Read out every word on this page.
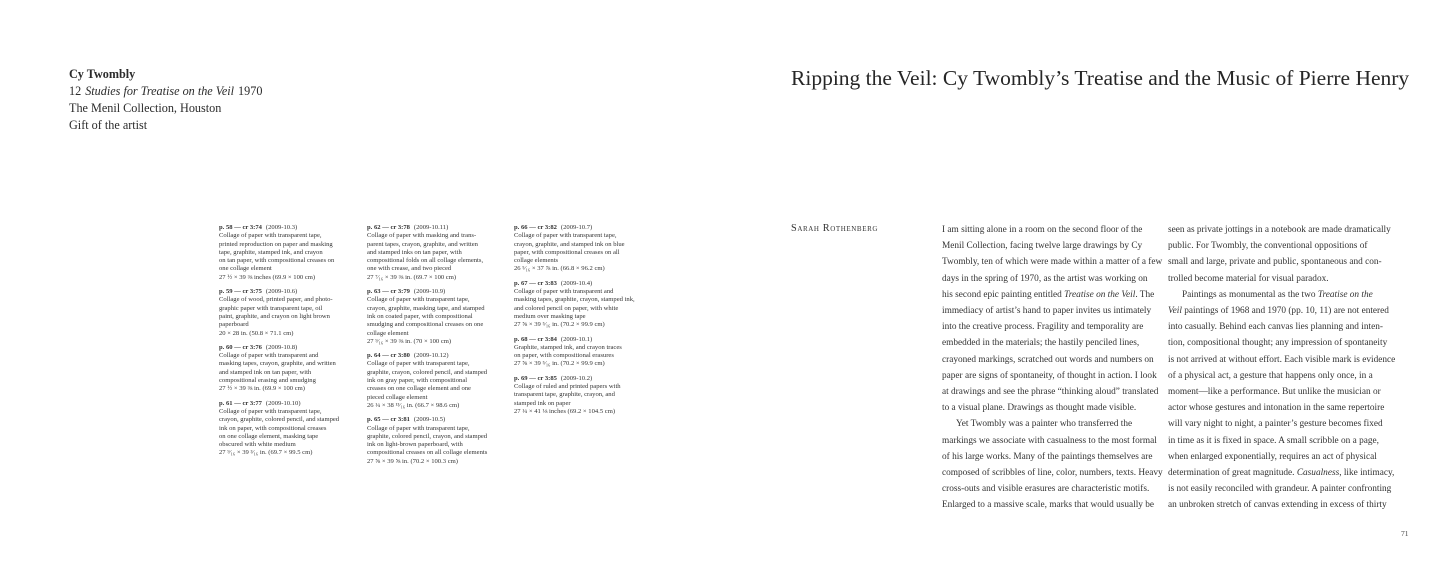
Cy Twombly
12 Studies for Treatise on the Veil 1970
The Menil Collection, Houston
Gift of the artist
p. 58 — cr 3:74 (2009-10.3)
Collage of paper with transparent tape,
printed reproduction on paper and masking
tape, graphite, stamped ink, and crayon
on tan paper, with compositional creases on
one collage element
27 ½ × 39 ⅜ inches (69.9 × 100 cm)
p. 59 — cr 3:75 (2009-10.6)
Collage of wood, printed paper, and photo-
graphic paper with transparent tape, oil
paint, graphite, and crayon on light brown
paperboard
20 × 28 in. (50.8 × 71.1 cm)
p. 60 — cr 3:76 (2009-10.8)
Collage of paper with transparent and
masking tapes, crayon, graphite, and written
and stamped ink on tan paper, with
compositional erasing and smudging
27 ½ × 39 ⅜ in. (69.9 × 100 cm)
p. 61 — cr 3:77 (2009-10.10)
Collage of paper with transparent tape,
crayon, graphite, colored pencil, and stamped
ink on paper, with compositional creases
on one collage element, masking tape
obscured with white medium
27 ⁹⁄₁₆ × 39 ³⁄₁₆ in. (69.7 × 99.5 cm)
p. 62 — cr 3:78 (2009-10.11)
Collage of paper with masking and trans-
parent tapes, crayon, graphite, and written
and stamped inks on tan paper, with
compositional folds on all collage elements,
one with crease, and two pieced
27 ⁷⁄₁₆ × 39 ⅜ in. (69.7 × 100 cm)
p. 63 — cr 3:79 (2009-10.9)
Collage of paper with transparent tape,
crayon, graphite, masking tape, and stamped
ink on coated paper, with compositional
smudging and compositional creases on one
collage element
27 ⁹⁄₁₆ × 39 ⅜ in. (70 × 100 cm)
p. 64 — cr 3:80 (2009-10.12)
Collage of paper with transparent tape,
graphite, crayon, colored pencil, and stamped
ink on gray paper, with compositional
creases on one collage element and one
pieced collage element
26 ¼ × 38 ¹³⁄₁₆ in. (66.7 × 98.6 cm)
p. 65 — cr 3:81 (2009-10.5)
Collage of paper with transparent tape,
graphite, colored pencil, crayon, and stamped
ink on light-brown paperboard, with
compositional creases on all collage elements
27 ⅝ × 39 ⅝ in. (70.2 × 100.3 cm)
p. 66 — cr 3:82 (2009-10.7)
Collage of paper with transparent tape,
crayon, graphite, and stamped ink on blue
paper, with compositional creases on all
collage elements
26 ⁵⁄₁₆ × 37 ⅞ in. (66.8 × 96.2 cm)
p. 67 — cr 3:83 (2009-10.4)
Collage of paper with transparent and
masking tapes, graphite, crayon, stamped ink,
and colored pencil on paper, with white
medium over masking tape
27 ⅝ × 39 ⁵⁄₁₆ in. (70.2 × 99.9 cm)
p. 68 — cr 3:84 (2009-10.1)
Graphite, stamped ink, and crayon traces
on paper, with compositional erasures
27 ⅝ × 39 ⁵⁄₁₆ in. (70.2 × 99.9 cm)
p. 69 — cr 3:85 (2009-10.2)
Collage of ruled and printed papers with
transparent tape, graphite, crayon, and
stamped ink on paper
27 ¼ × 41 ⅛ inches (69.2 × 104.5 cm)
Ripping the Veil: Cy Twombly’s Treatise and the Music of Pierre Henry
Sarah Rothenberg	I am sitting alone in a room on the second floor of the
Menil Collection, facing twelve large drawings by Cy
Twombly, ten of which were made within a matter of a few
days in the spring of 1970, as the artist was working on
his second epic painting entitled Treatise on the Veil. The
immediacy of artist’s hand to paper invites us intimately
into the creative process. Fragility and temporality are
embedded in the materials; the hastily penciled lines,
crayoned markings, scratched out words and numbers on
paper are signs of spontaneity, of thought in action. I look
at drawings and see the phrase “thinking aloud” translated
to a visual plane. Drawings as thought made visible.
Yet Twombly was a painter who transferred the
markings we associate with casualness to the most formal
of his large works. Many of the paintings themselves are
composed of scribbles of line, color, numbers, texts. Heavy
cross-outs and visible erasures are characteristic motifs.
Enlarged to a massive scale, marks that would usually be
seen as private jottings in a notebook are made dramatically
public. For Twombly, the conventional oppositions of
small and large, private and public, spontaneous and con-
trolled become material for visual paradox.
Paintings as monumental as the two Treatise on the
Veil paintings of 1968 and 1970 (pp. 10, 11) are not entered
into casually. Behind each canvas lies planning and inten-
tion, compositional thought; any impression of spontaneity
is not arrived at without effort. Each visible mark is evidence
of a physical act, a gesture that happens only once, in a
moment—like a performance. But unlike the musician or
actor whose gestures and intonation in the same repertoire
will vary night to night, a painter’s gesture becomes fixed
in time as it is fixed in space. A small scribble on a page,
when enlarged exponentially, requires an act of physical
determination of great magnitude. Casualness, like intimacy,
is not easily reconciled with grandeur. A painter confronting
an unbroken stretch of canvas extending in excess of thirty
71
